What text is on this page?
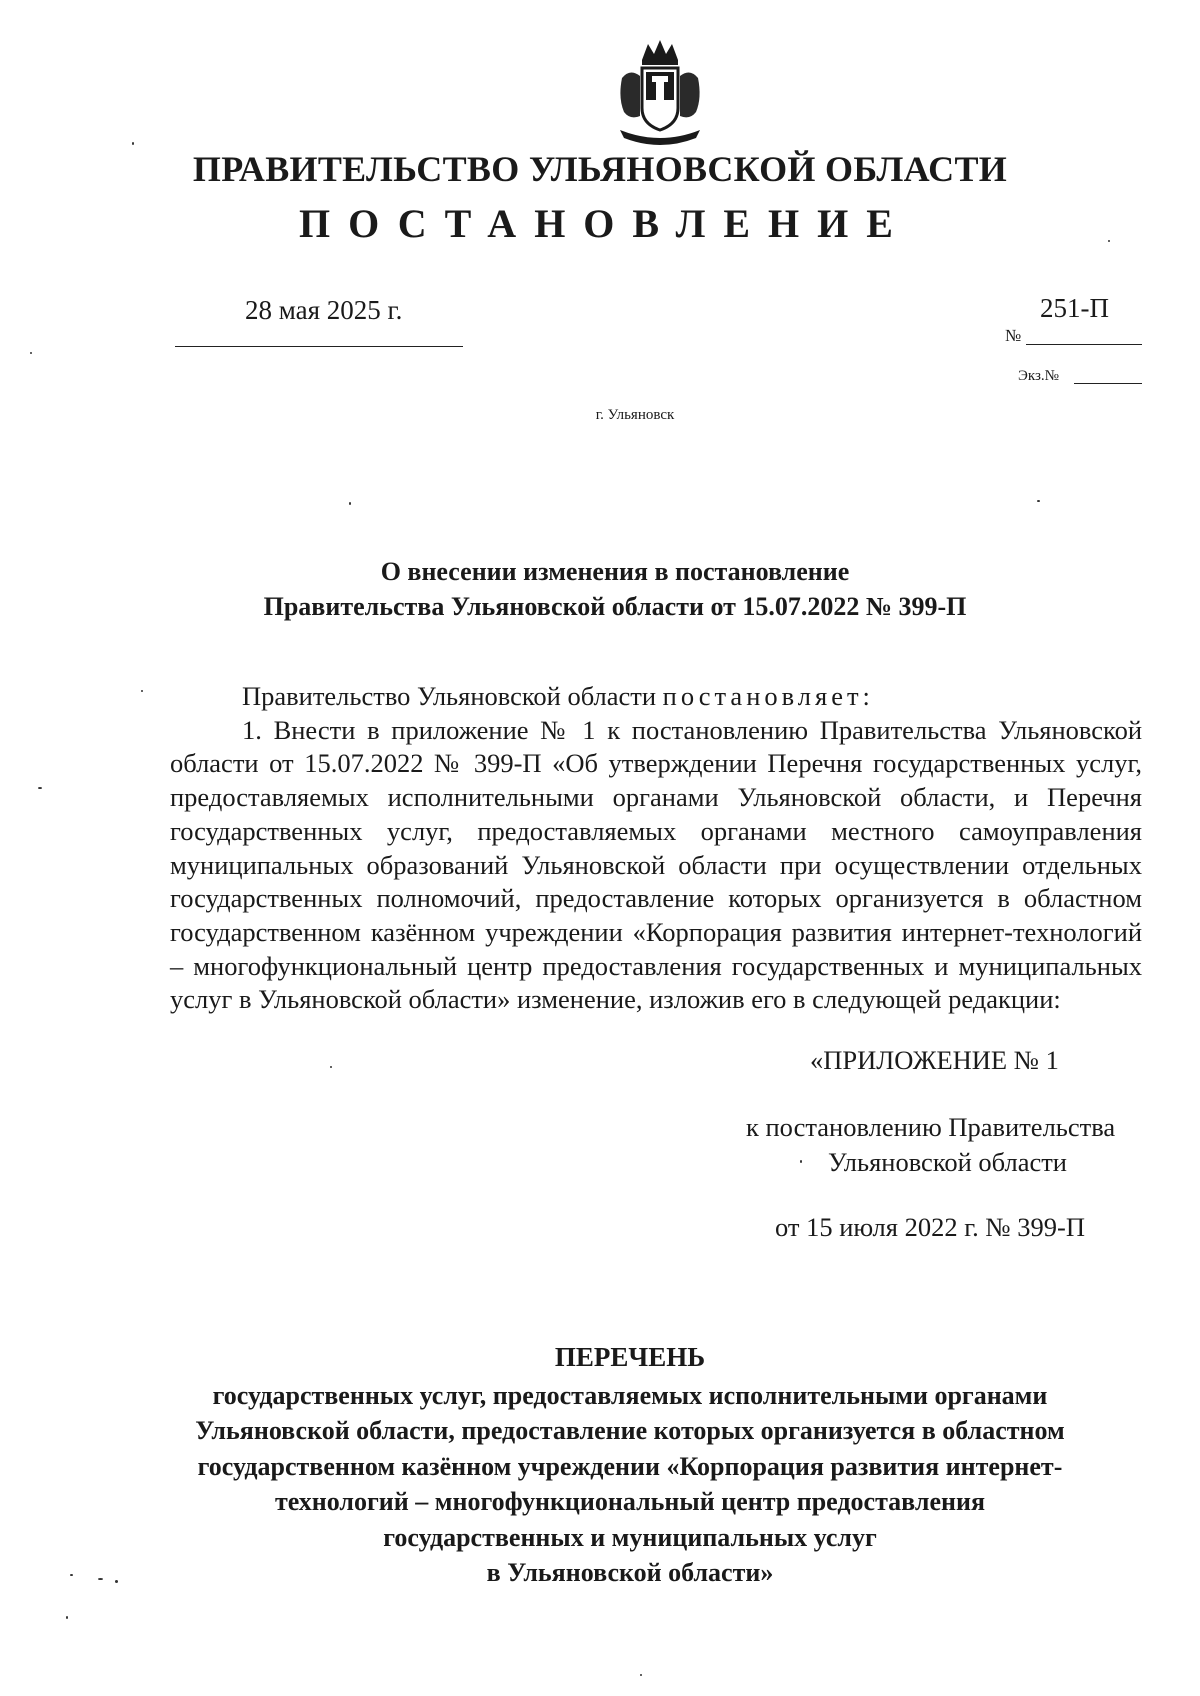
ПРАВИТЕЛЬСТВО УЛЬЯНОВСКОЙ ОБЛАСТИ
ПОСТАНОВЛЕНИЕ
28 мая 2025 г.
№
251-П
Экз.№
г. Ульяновск
О внесении изменения в постановление
Правительства Ульяновской области от 15.07.2022 № 399-П

Правительство Ульяновской области постановляет:

1. Внести в приложение № 1 к постановлению Правительства Ульяновской области от 15.07.2022 № 399-П «Об утверждении Перечня государственных услуг, предоставляемых исполнительными органами Ульяновской области, и Перечня государственных услуг, предоставляемых органами местного самоуправления муниципальных образований Ульяновской области при осуществлении отдельных государственных полномочий, предоставление которых организуется в областном государственном казённом учреждении «Корпорация развития интернет-технологий – многофункциональный центр предоставления государственных и муниципальных услуг в Ульяновской области» изменение, изложив его в следующей редакции:

«ПРИЛОЖЕНИЕ № 1
к постановлению Правительства
Ульяновской области
от 15 июля 2022 г. № 399-П
ПЕРЕЧЕНЬ
государственных услуг, предоставляемых исполнительными органами
Ульяновской области, предоставление которых организуется в областном
государственном казённом учреждении «Корпорация развития интернет-
технологий – многофункциональный центр предоставления
государственных и муниципальных услуг
в Ульяновской области»
